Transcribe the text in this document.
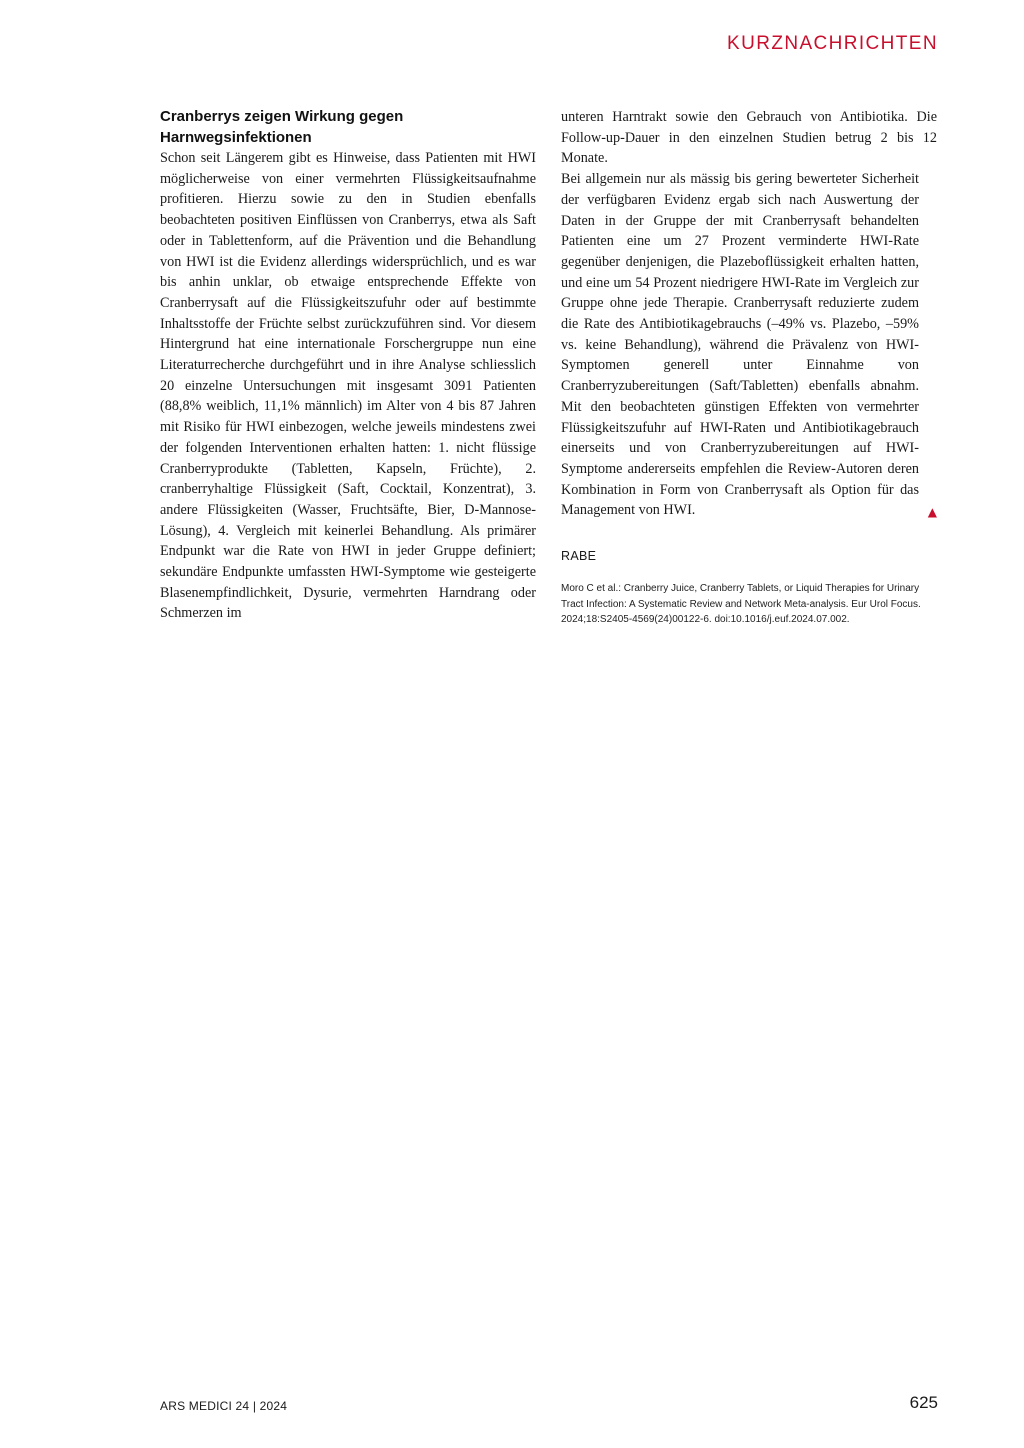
KURZNACHRICHTEN
Cranberrys zeigen Wirkung gegen Harnwegsinfektionen

Schon seit Längerem gibt es Hinweise, dass Patienten mit HWI möglicherweise von einer vermehrten Flüssigkeitsaufnahme profitieren. Hierzu sowie zu den in Studien ebenfalls beobachteten positiven Einflüssen von Cranberrys, etwa als Saft oder in Tablettenform, auf die Prävention und die Behandlung von HWI ist die Evidenz allerdings widersprüchlich, und es war bis anhin unklar, ob etwaige entsprechende Effekte von Cranberrysaft auf die Flüssigkeitszufuhr oder auf bestimmte Inhaltsstoffe der Früchte selbst zurückzuführen sind. Vor diesem Hintergrund hat eine internationale Forschergruppe nun eine Literaturrecherche durchgeführt und in ihre Analyse schliesslich 20 einzelne Untersuchungen mit insgesamt 3091 Patienten (88,8% weiblich, 11,1% männlich) im Alter von 4 bis 87 Jahren mit Risiko für HWI einbezogen, welche jeweils mindestens zwei der folgenden Interventionen erhalten hatten: 1. nicht flüssige Cranberryprodukte (Tabletten, Kapseln, Früchte), 2. cranberryhaltige Flüssigkeit (Saft, Cocktail, Konzentrat), 3. andere Flüssigkeiten (Wasser, Fruchtsäfte, Bier, D-Mannose-Lösung), 4. Vergleich mit keinerlei Behandlung. Als primärer Endpunkt war die Rate von HWI in jeder Gruppe definiert; sekundäre Endpunkte umfassten HWI-Symptome wie gesteigerte Blasenempfindlichkeit, Dysurie, vermehrten Harndrang oder Schmerzen im

unteren Harntrakt sowie den Gebrauch von Antibiotika. Die Follow-up-Dauer in den einzelnen Studien betrug 2 bis 12 Monate.

Bei allgemein nur als mässig bis gering bewerteter Sicherheit der verfügbaren Evidenz ergab sich nach Auswertung der Daten in der Gruppe der mit Cranberrysaft behandelten Patienten eine um 27 Prozent verminderte HWI-Rate gegenüber denjenigen, die Plazeboflüssigkeit erhalten hatten, und eine um 54 Prozent niedrigere HWI-Rate im Vergleich zur Gruppe ohne jede Therapie. Cranberrysaft reduzierte zudem die Rate des Antibiotikagebrauchs (–49% vs. Plazebo, –59% vs. keine Behandlung), während die Prävalenz von HWI-Symptomen generell unter Einnahme von Cranberryzubereitungen (Saft/Tabletten) ebenfalls abnahm. Mit den beobachteten günstigen Effekten von vermehrter Flüssigkeitszufuhr auf HWI-Raten und Antibiotikagebrauch einerseits und von Cranberryzubereitungen auf HWI-Symptome andererseits empfehlen die Review-Autoren deren Kombination in Form von Cranberrysaft als Option für das Management von HWI.	▲
RABE
Moro C et al.: Cranberry Juice, Cranberry Tablets, or Liquid Therapies for Urinary Tract Infection: A Systematic Review and Network Meta-analysis. Eur Urol Focus. 2024;18:S2405-4569(24)00122-6. doi:10.1016/j.euf.2024.07.002.
ARS MEDICI 24 | 2024	625
